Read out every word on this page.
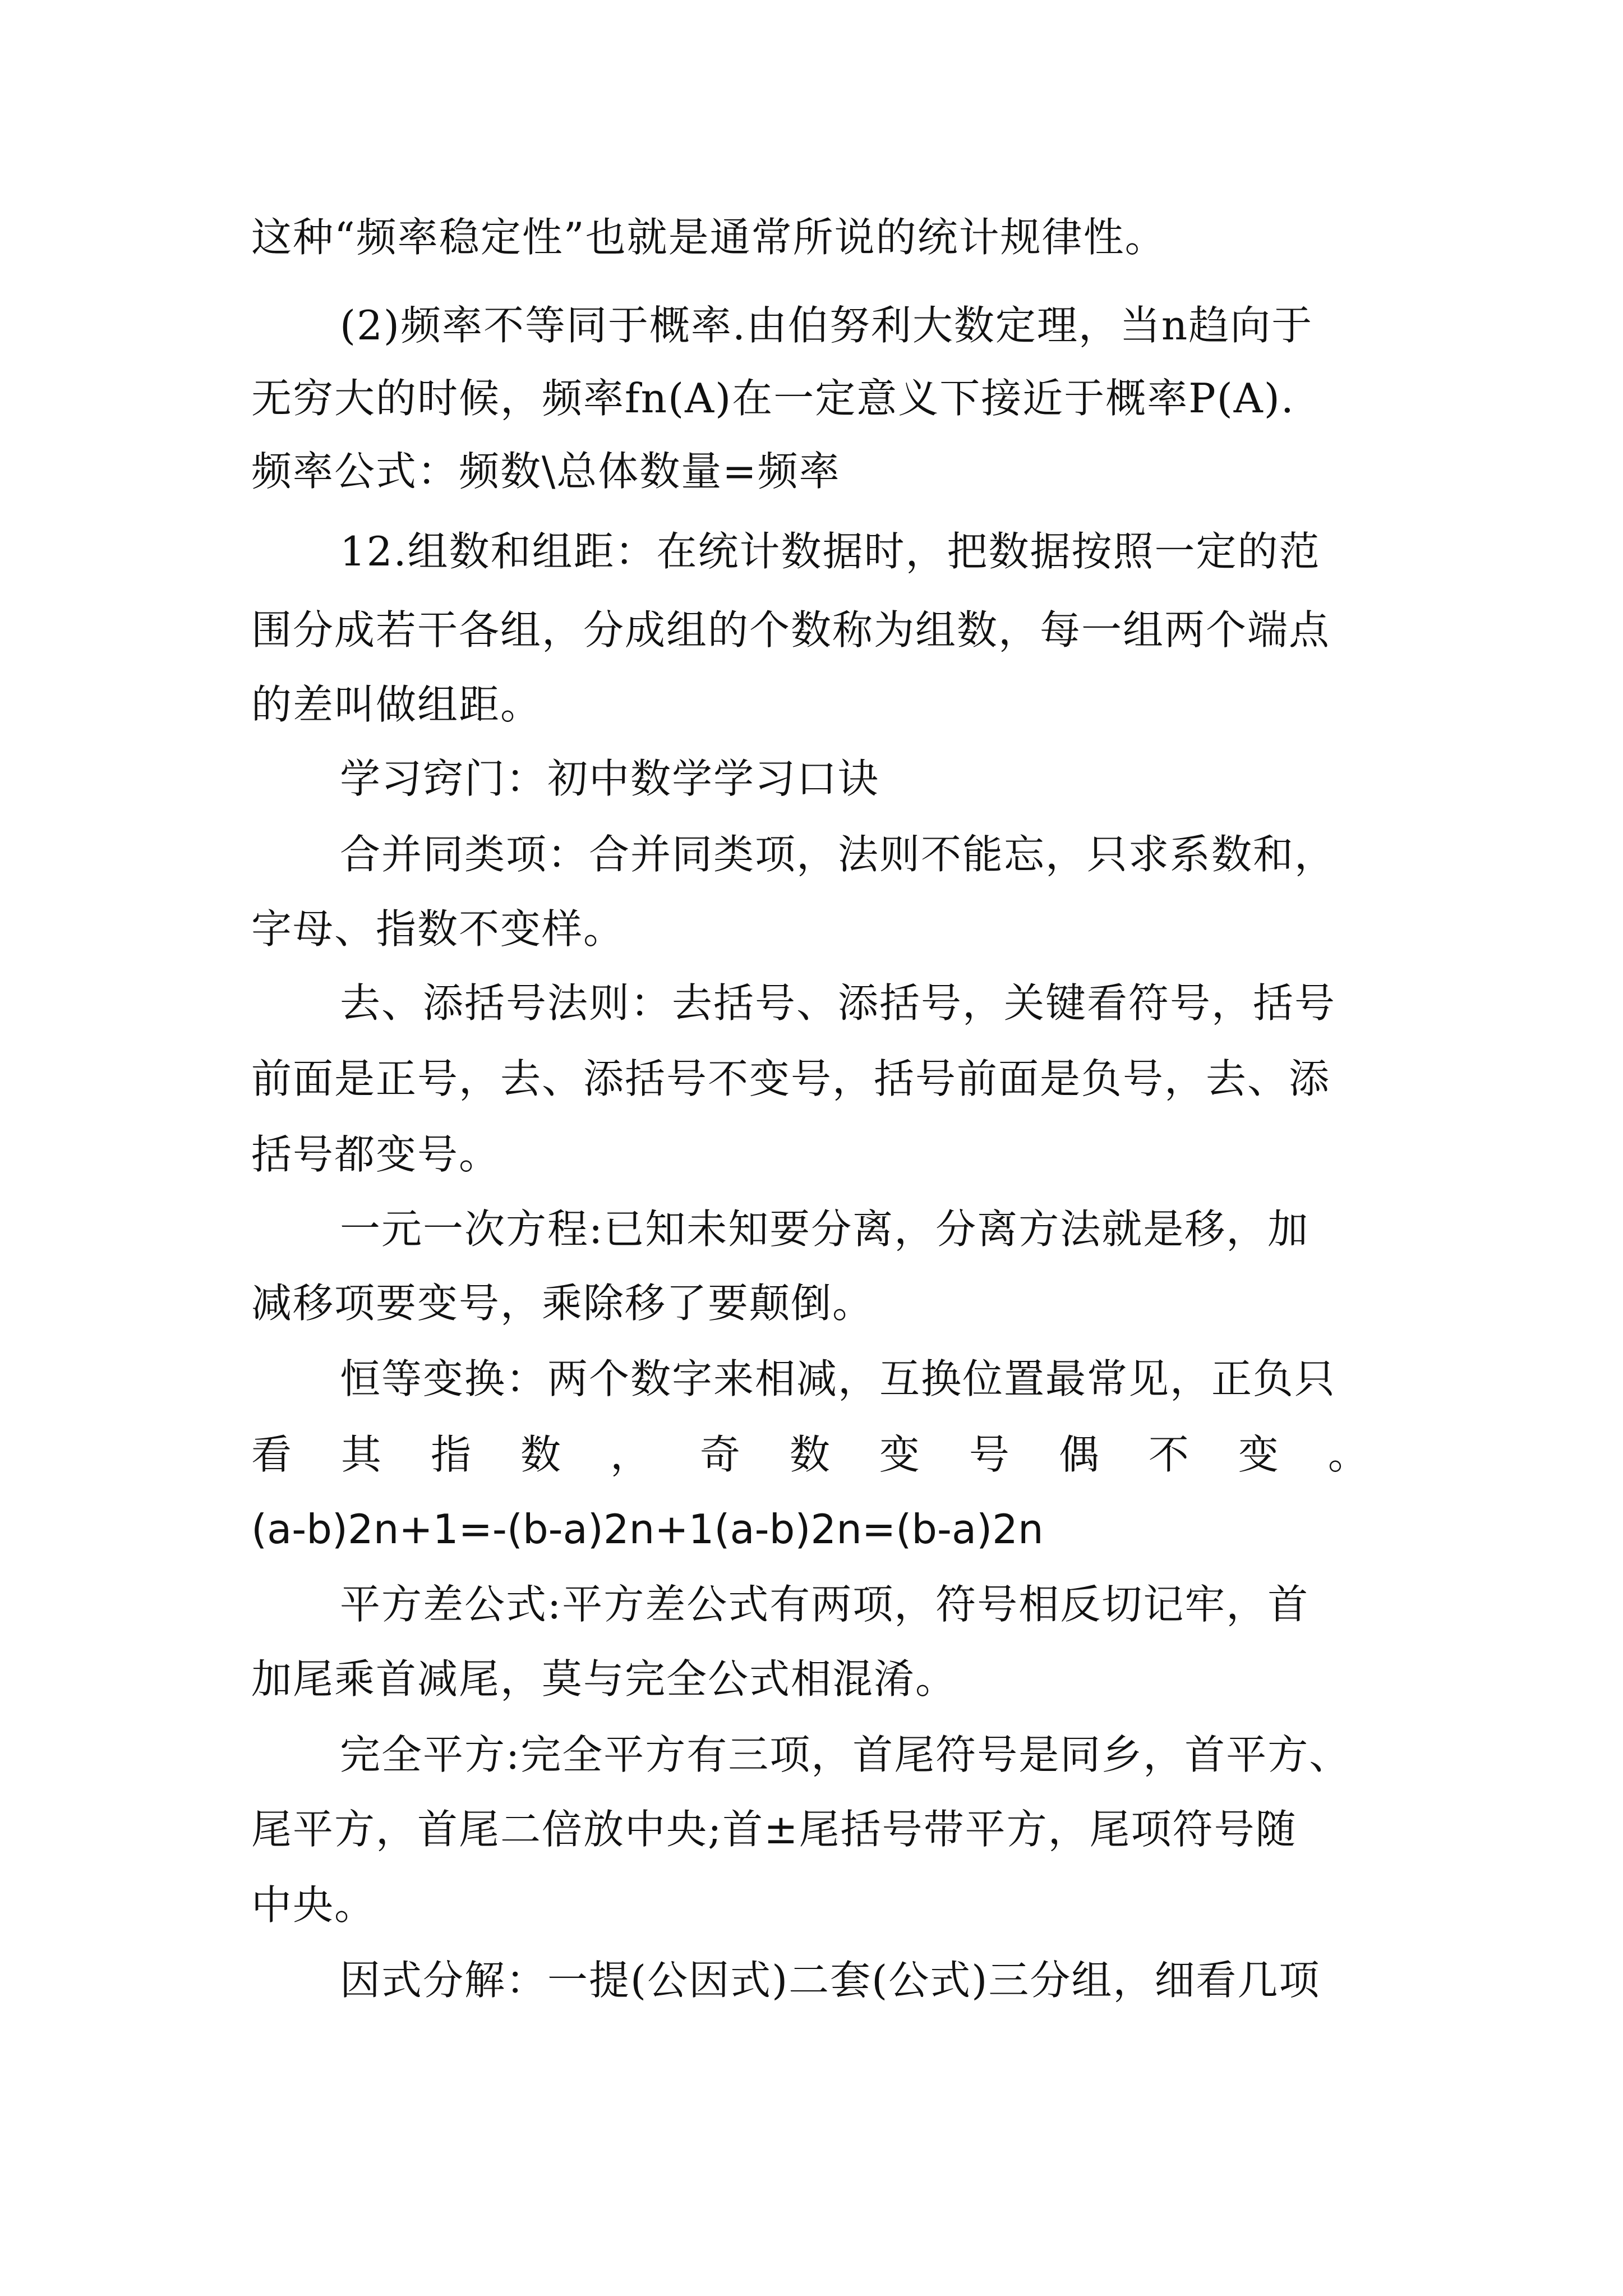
这种“频率稳定性”也就是通常所说的统计规律性。
(2)频率不等同于概率.由伯努利大数定理，当n趋向于
无穷大的时候，频率fn(A)在一定意义下接近于概率P(A).
频率公式：频数\总体数量=频率
12.组数和组距：在统计数据时，把数据按照一定的范
围分成若干各组，分成组的个数称为组数，每一组两个端点
的差叫做组距。
学习窍门：初中数学学习口诀
合并同类项：合并同类项，法则不能忘，只求系数和，
字母、指数不变样。
去、添括号法则：去括号、添括号，关键看符号，括号
前面是正号，去、添括号不变号，括号前面是负号，去、添
括号都变号。
一元一次方程:已知未知要分离，分离方法就是移，加
减移项要变号，乘除移了要颠倒。
恒等变换：两个数字来相减，互换位置最常见，正负只
看 其 指 数 ， 奇 数 变 号 偶 不 变 。
(a-b)2n+1=-(b-a)2n+1(a-b)2n=(b-a)2n
平方差公式:平方差公式有两项，符号相反切记牢，首
加尾乘首减尾，莫与完全公式相混淆。
完全平方:完全平方有三项，首尾符号是同乡，首平方、
尾平方，首尾二倍放中央;首±尾括号带平方，尾项符号随
中央。
因式分解：一提(公因式)二套(公式)三分组，细看几项
